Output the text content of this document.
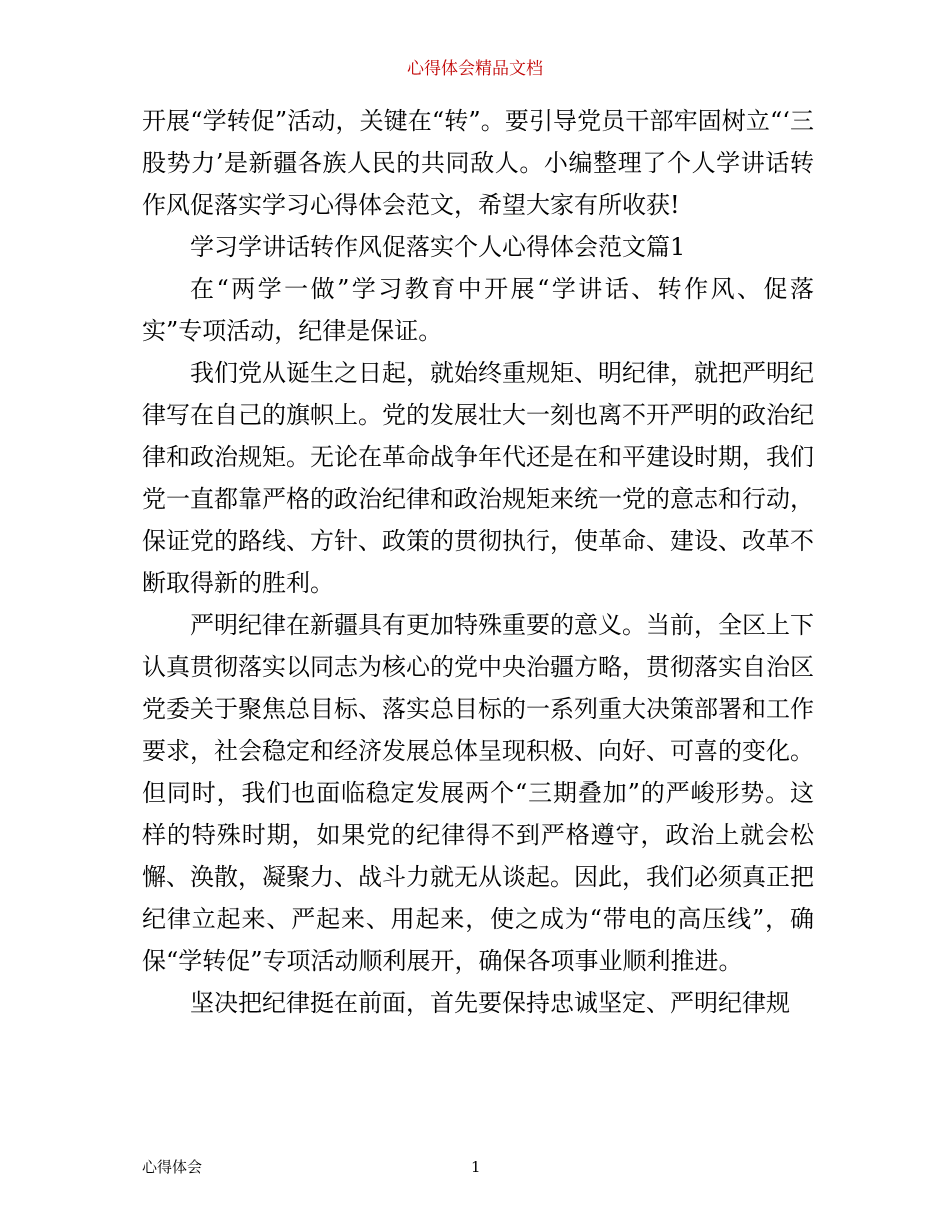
心得体会精品文档

开展“学转促”活动，关键在“转”。要引导党员干部牢固树立“‘三股势力’是新疆各族人民的共同敌人。小编整理了个人学讲话转作风促落实学习心得体会范文，希望大家有所收获!

学习学讲话转作风促落实个人心得体会范文篇1

在“两学一做”学习教育中开展“学讲话、转作风、促落实”专项活动，纪律是保证。

我们党从诞生之日起，就始终重规矩、明纪律，就把严明纪律写在自己的旗帜上。党的发展壮大一刻也离不开严明的政治纪律和政治规矩。无论在革命战争年代还是在和平建设时期，我们党一直都靠严格的政治纪律和政治规矩来统一党的意志和行动，保证党的路线、方针、政策的贯彻执行，使革命、建设、改革不断取得新的胜利。

严明纪律在新疆具有更加特殊重要的意义。当前，全区上下认真贯彻落实以同志为核心的党中央治疆方略，贯彻落实自治区党委关于聚焦总目标、落实总目标的一系列重大决策部署和工作要求，社会稳定和经济发展总体呈现积极、向好、可喜的变化。但同时，我们也面临稳定发展两个“三期叠加”的严峻形势。这样的特殊时期，如果党的纪律得不到严格遵守，政治上就会松懈、涣散，凝聚力、战斗力就无从谈起。因此，我们必须真正把纪律立起来、严起来、用起来，使之成为“带电的高压线”，确保“学转促”专项活动顺利展开，确保各项事业顺利推进。

坚决把纪律挺在前面，首先要保持忠诚坚定、严明纪律规

心得体会	1
